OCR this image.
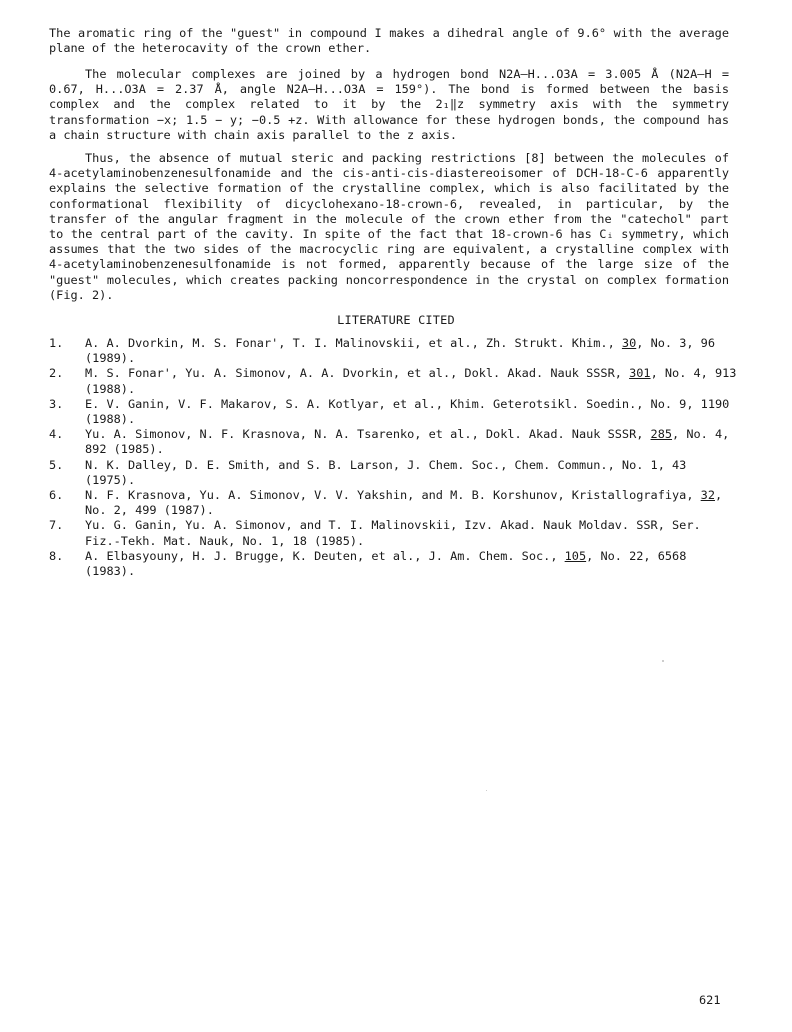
The aromatic ring of the "guest" in compound I makes a dihedral angle of 9.6° with the average plane of the heterocavity of the crown ether.

The molecular complexes are joined by a hydrogen bond N2A–H...O3A = 3.005 Å (N2A–H = 0.67, H...O3A = 2.37 Å, angle N2A–H...O3A = 159°). The bond is formed between the basis complex and the complex related to it by the 2₁‖z symmetry axis with the symmetry transformation −x; 1.5 − y; −0.5 +z. With allowance for these hydrogen bonds, the compound has a chain structure with chain axis parallel to the z axis.

Thus, the absence of mutual steric and packing restrictions [8] between the molecules of 4-acetylaminobenzenesulfonamide and the cis-anti-cis-diastereoisomer of DCH-18-C-6 apparently explains the selective formation of the crystalline complex, which is also facilitated by the conformational flexibility of dicyclohexano-18-crown-6, revealed, in particular, by the transfer of the angular fragment in the molecule of the crown ether from the "catechol" part to the central part of the cavity. In spite of the fact that 18-crown-6 has Cᵢ symmetry, which assumes that the two sides of the macrocyclic ring are equivalent, a crystalline complex with 4-acetylaminobenzenesulfonamide is not formed, apparently because of the large size of the "guest" molecules, which creates packing noncorrespondence in the crystal on complex formation (Fig. 2).

LITERATURE CITED
1.	A. A. Dvorkin, M. S. Fonar', T. I. Malinovskii, et al., Zh. Strukt. Khim., 30, No. 3, 96 (1989).
2.	M. S. Fonar', Yu. A. Simonov, A. A. Dvorkin, et al., Dokl. Akad. Nauk SSSR, 301, No. 4, 913 (1988).
3.	E. V. Ganin, V. F. Makarov, S. A. Kotlyar, et al., Khim. Geterotsikl. Soedin., No. 9, 1190 (1988).
4.	Yu. A. Simonov, N. F. Krasnova, N. A. Tsarenko, et al., Dokl. Akad. Nauk SSSR, 285, No. 4, 892 (1985).
5.	N. K. Dalley, D. E. Smith, and S. B. Larson, J. Chem. Soc., Chem. Commun., No. 1, 43 (1975).
6.	N. F. Krasnova, Yu. A. Simonov, V. V. Yakshin, and M. B. Korshunov, Kristallografiya, 32, No. 2, 499 (1987).
7.	Yu. G. Ganin, Yu. A. Simonov, and T. I. Malinovskii, Izv. Akad. Nauk Moldav. SSR, Ser. Fiz.-Tekh. Mat. Nauk, No. 1, 18 (1985).
8.	A. Elbasyouny, H. J. Brugge, K. Deuten, et al., J. Am. Chem. Soc., 105, No. 22, 6568 (1983).
621
